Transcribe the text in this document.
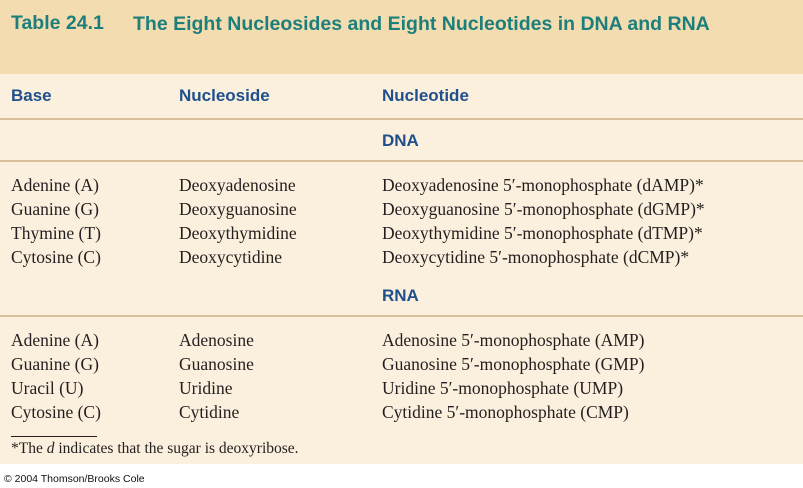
Table 24.1 The Eight Nucleosides and Eight Nucleotides in DNA and RNA
Base	Nucleoside	Nucleotide
DNA
Adenine (A)	Deoxyadenosine	Deoxyadenosine 5′-monophosphate (dAMP)*
Guanine (G)	Deoxyguanosine	Deoxyguanosine 5′-monophosphate (dGMP)*
Thymine (T)	Deoxythymidine	Deoxythymidine 5′-monophosphate (dTMP)*
Cytosine (C)	Deoxycytidine	Deoxycytidine 5′-monophosphate (dCMP)*
RNA
Adenine (A)	Adenosine	Adenosine 5′-monophosphate (AMP)
Guanine (G)	Guanosine	Guanosine 5′-monophosphate (GMP)
Uracil (U)	Uridine	Uridine 5′-monophosphate (UMP)
Cytosine (C)	Cytidine	Cytidine 5′-monophosphate (CMP)
*The d indicates that the sugar is deoxyribose.
© 2004 Thomson/Brooks Cole
